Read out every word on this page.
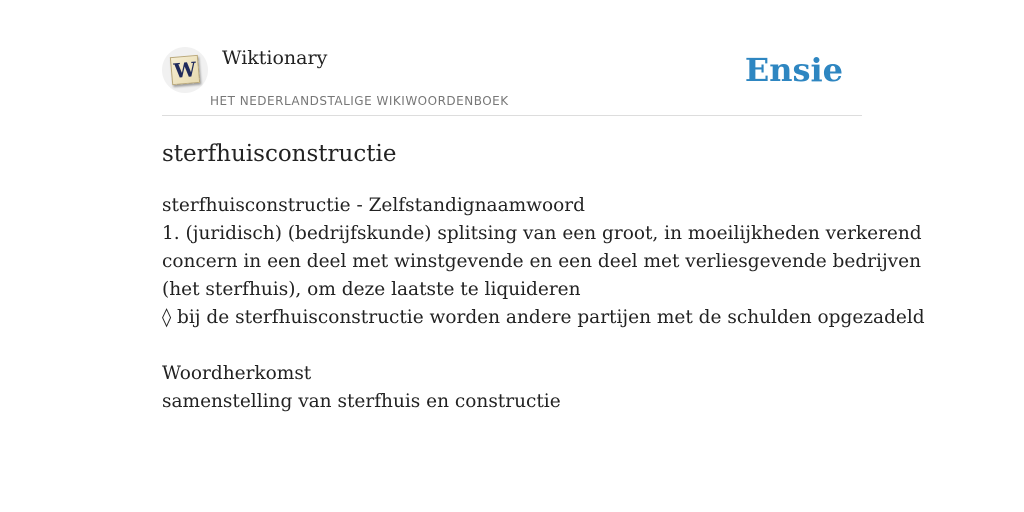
W Wiktionary
HET NEDERLANDSTALIGE WIKIWOORDENBOEK
Ensie
sterfhuisconstructie
sterfhuisconstructie - Zelfstandignaamwoord
1. (juridisch) (bedrijfskunde) splitsing van een groot, in moeilijkheden verkerend
concern in een deel met winstgevende en een deel met verliesgevende bedrijven
(het sterfhuis), om deze laatste te liquideren
◊ bij de sterfhuisconstructie worden andere partijen met de schulden opgezadeld
Woordherkomst
samenstelling van sterfhuis en constructie
